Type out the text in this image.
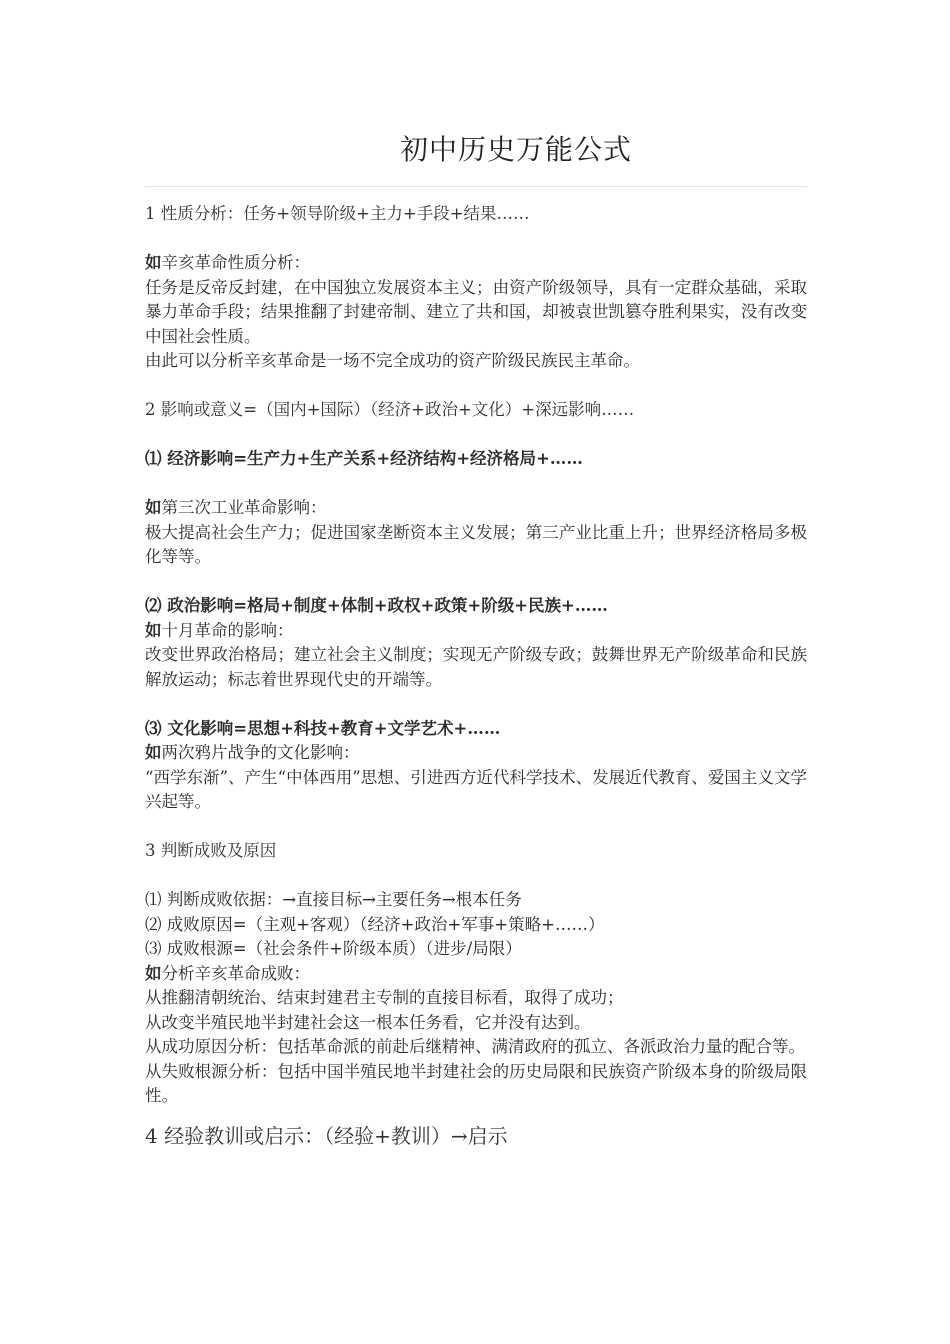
初中历史万能公式
1 性质分析：任务+领导阶级+主力+手段+结果……
如辛亥革命性质分析：
任务是反帝反封建，在中国独立发展资本主义；由资产阶级领导，具有一定群众基础，采取暴力革命手段；结果推翻了封建帝制、建立了共和国，却被袁世凯篡夺胜利果实，没有改变中国社会性质。
由此可以分析辛亥革命是一场不完全成功的资产阶级民族民主革命。
2 影响或意义=（国内+国际）（经济+政治+文化）+深远影响……
⑴ 经济影响=生产力+生产关系+经济结构+经济格局+……
如第三次工业革命影响：
极大提高社会生产力；促进国家垄断资本主义发展；第三产业比重上升；世界经济格局多极化等等。
⑵ 政治影响=格局+制度+体制+政权+政策+阶级+民族+……
如十月革命的影响：
改变世界政治格局；建立社会主义制度；实现无产阶级专政；鼓舞世界无产阶级革命和民族解放运动；标志着世界现代史的开端等。
⑶ 文化影响=思想+科技+教育+文学艺术+……
如两次鸦片战争的文化影响：
“西学东渐”、产生“中体西用”思想、引进西方近代科学技术、发展近代教育、爱国主义文学兴起等。
3 判断成败及原因
⑴ 判断成败依据：→直接目标→主要任务→根本任务
⑵ 成败原因=（主观+客观）（经济+政治+军事+策略+……）
⑶ 成败根源=（社会条件+阶级本质）（进步/局限）
如分析辛亥革命成败：
从推翻清朝统治、结束封建君主专制的直接目标看，取得了成功；
从改变半殖民地半封建社会这一根本任务看，它并没有达到。
从成功原因分析：包括革命派的前赴后继精神、满清政府的孤立、各派政治力量的配合等。
从失败根源分析：包括中国半殖民地半封建社会的历史局限和民族资产阶级本身的阶级局限性。
4 经验教训或启示：（经验+教训）→启示
